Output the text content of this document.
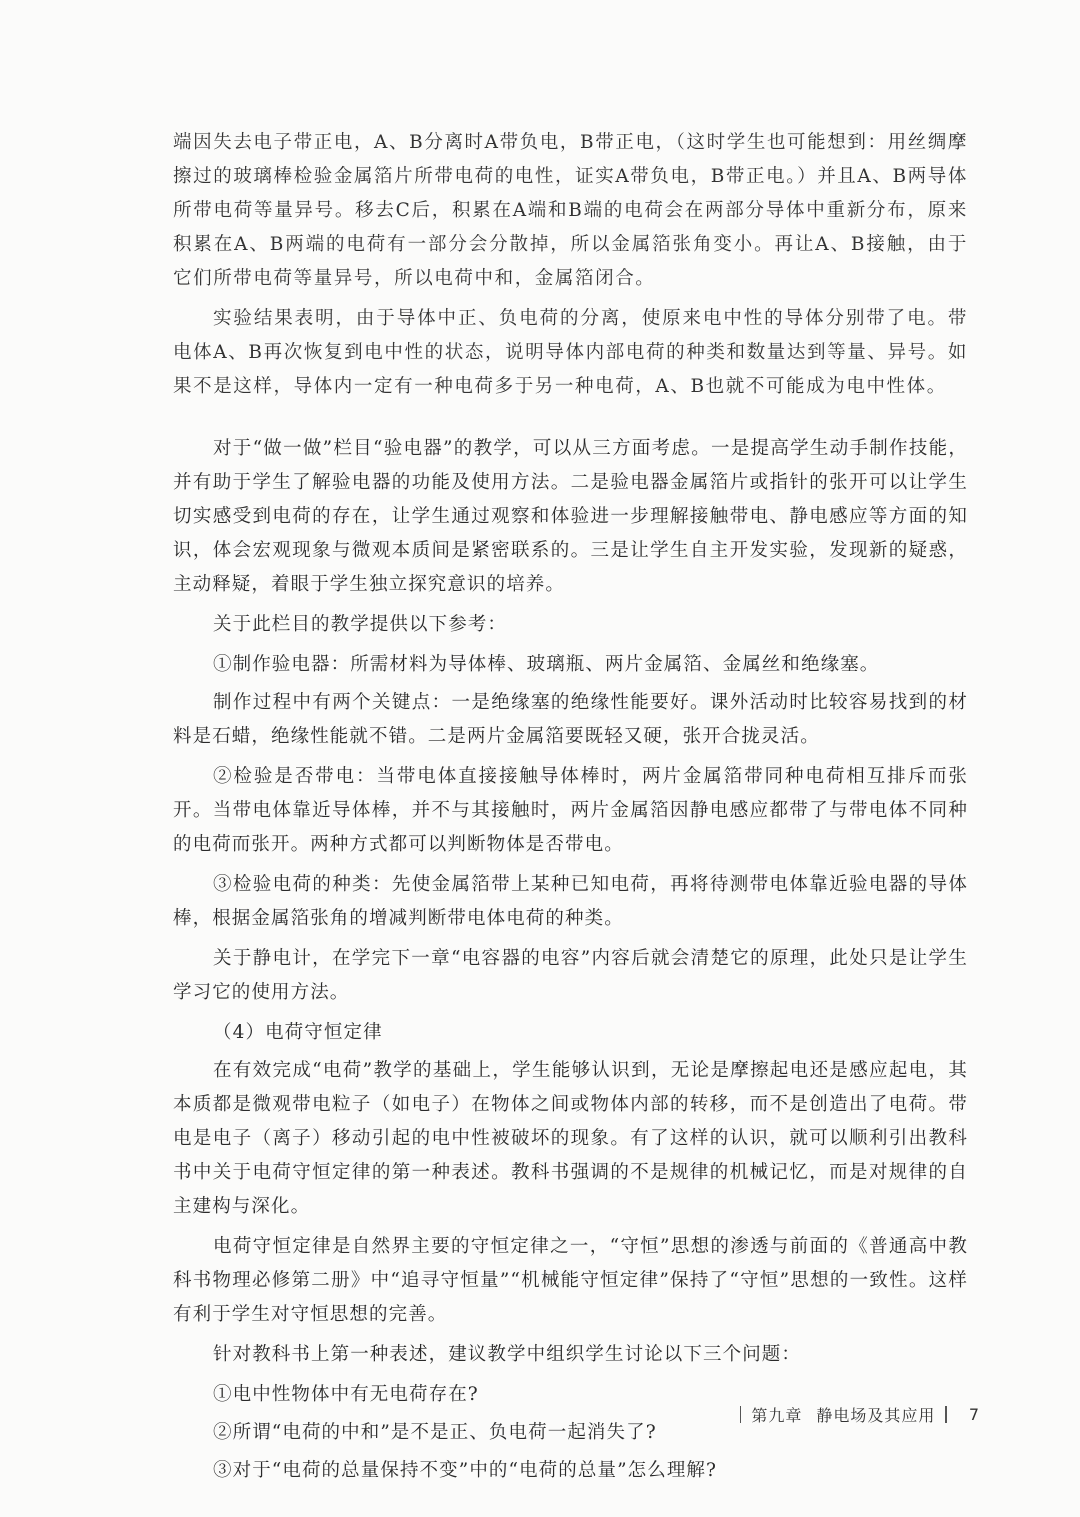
端因失去电子带正电，A、B分离时A带负电，B带正电，（这时学生也可能想到：用丝绸摩擦过的玻璃棒检验金属箔片所带电荷的电性，证实A带负电，B带正电。）并且A、B两导体所带电荷等量异号。移去C后，积累在A端和B端的电荷会在两部分导体中重新分布，原来积累在A、B两端的电荷有一部分会分散掉，所以金属箔张角变小。再让A、B接触，由于它们所带电荷等量异号，所以电荷中和，金属箔闭合。

实验结果表明，由于导体中正、负电荷的分离，使原来电中性的导体分别带了电。带电体A、B再次恢复到电中性的状态，说明导体内部电荷的种类和数量达到等量、异号。如果不是这样，导体内一定有一种电荷多于另一种电荷，A、B也就不可能成为电中性体。

对于“做一做”栏目“验电器”的教学，可以从三方面考虑。一是提高学生动手制作技能，并有助于学生了解验电器的功能及使用方法。二是验电器金属箔片或指针的张开可以让学生切实感受到电荷的存在，让学生通过观察和体验进一步理解接触带电、静电感应等方面的知识，体会宏观现象与微观本质间是紧密联系的。三是让学生自主开发实验，发现新的疑惑，主动释疑，着眼于学生独立探究意识的培养。

关于此栏目的教学提供以下参考：

①制作验电器：所需材料为导体棒、玻璃瓶、两片金属箔、金属丝和绝缘塞。

制作过程中有两个关键点：一是绝缘塞的绝缘性能要好。课外活动时比较容易找到的材料是石蜡，绝缘性能就不错。二是两片金属箔要既轻又硬，张开合拢灵活。

②检验是否带电：当带电体直接接触导体棒时，两片金属箔带同种电荷相互排斥而张开。当带电体靠近导体棒，并不与其接触时，两片金属箔因静电感应都带了与带电体不同种的电荷而张开。两种方式都可以判断物体是否带电。

③检验电荷的种类：先使金属箔带上某种已知电荷，再将待测带电体靠近验电器的导体棒，根据金属箔张角的增减判断带电体电荷的种类。

关于静电计，在学完下一章“电容器的电容”内容后就会清楚它的原理，此处只是让学生学习它的使用方法。

（4）电荷守恒定律

在有效完成“电荷”教学的基础上，学生能够认识到，无论是摩擦起电还是感应起电，其本质都是微观带电粒子（如电子）在物体之间或物体内部的转移，而不是创造出了电荷。带电是电子（离子）移动引起的电中性被破坏的现象。有了这样的认识，就可以顺利引出教科书中关于电荷守恒定律的第一种表述。教科书强调的不是规律的机械记忆，而是对规律的自主建构与深化。

电荷守恒定律是自然界主要的守恒定律之一，“守恒”思想的渗透与前面的《普通高中教科书物理必修第二册》中“追寻守恒量”“机械能守恒定律”保持了“守恒”思想的一致性。这样有利于学生对守恒思想的完善。

针对教科书上第一种表述，建议教学中组织学生讨论以下三个问题：

①电中性物体中有无电荷存在?

②所谓“电荷的中和”是不是正、负电荷一起消失了?

③对于“电荷的总量保持不变”中的“电荷的总量”怎么理解?

第九章 静电场及其应用 7
